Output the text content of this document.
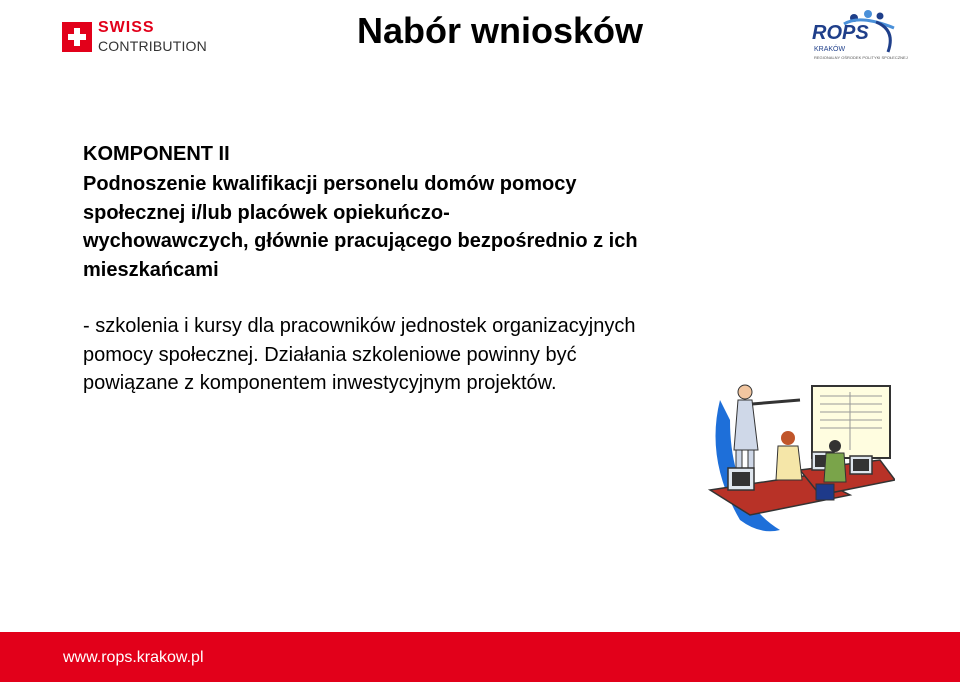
SWISS
CONTRIBUTION	Nabór wniosków	ROPS
KRAKÓW
REGIONALNY OŚRODEK POLITYKI SPOŁECZNEJ
KOMPONENT II

Podnoszenie kwalifikacji personelu domów pomocy
społecznej i/lub placówek opiekuńczo-
wychowawczych, głównie pracującego bezpośrednio z ich
mieszkańcami

- szkolenia i kursy dla pracowników jednostek organizacyjnych
pomocy społecznej. Działania szkoleniowe powinny być
powiązane z komponentem inwestycyjnym projektów.

www.rops.krakow.pl
